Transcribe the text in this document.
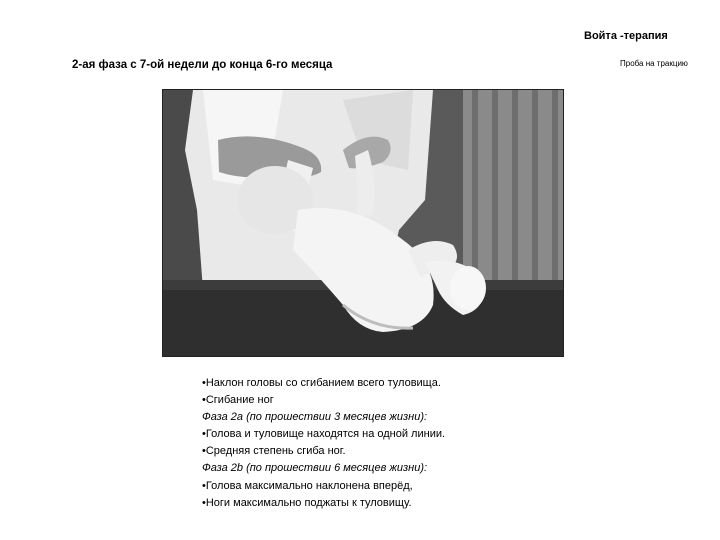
Войта -терапия
2-ая фаза с 7-ой недели до конца 6-го месяца	Проба на тракцию
•Наклон головы со сгибанием всего туловища.
•Сгибание ног
Фаза 2a (по прошествии 3 месяцев жизни):
•Голова и туловище находятся на одной линии.
•Средняя степень сгиба ног.
Фаза 2b (по прошествии 6 месяцев жизни):
•Голова максимально наклонена вперёд,
•Ноги максимально поджаты к туловищу.
